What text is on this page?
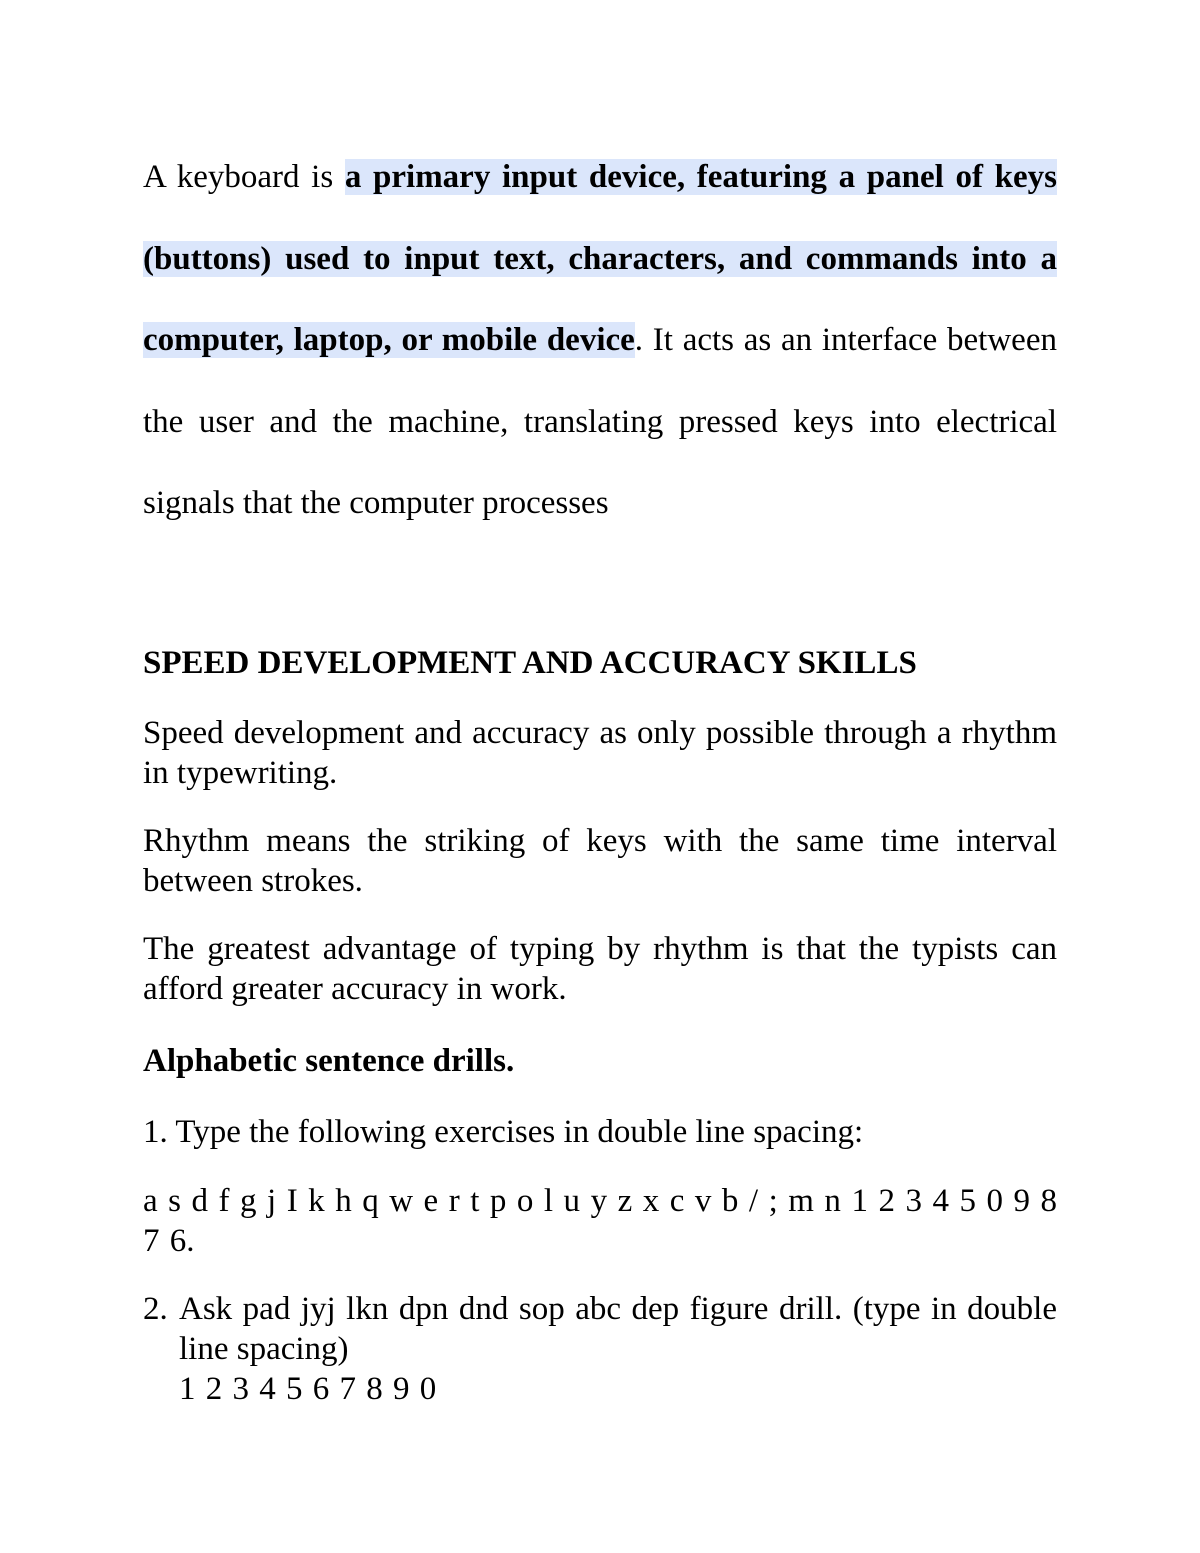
A keyboard is a primary input device, featuring a panel of keys (buttons) used to input text, characters, and commands into a computer, laptop, or mobile device. It acts as an interface between the user and the machine, translating pressed keys into electrical signals that the computer processes

SPEED DEVELOPMENT AND ACCURACY SKILLS

Speed development and accuracy as only possible through a rhythm in typewriting.

Rhythm means the striking of keys with the same time interval between strokes.

The greatest advantage of typing by rhythm is that the typists can afford greater accuracy in work.

Alphabetic sentence drills.

1. Type the following exercises in double line spacing:

a s d f g j I k h q w e r t p o l u y z x c v b / ; m n 1 2 3 4 5 0 9 8

7 6.

2. Ask pad jyj lkn dpn dnd sop abc dep figure drill. (type in double line spacing)
1 2 3 4 5 6 7 8 9 0
